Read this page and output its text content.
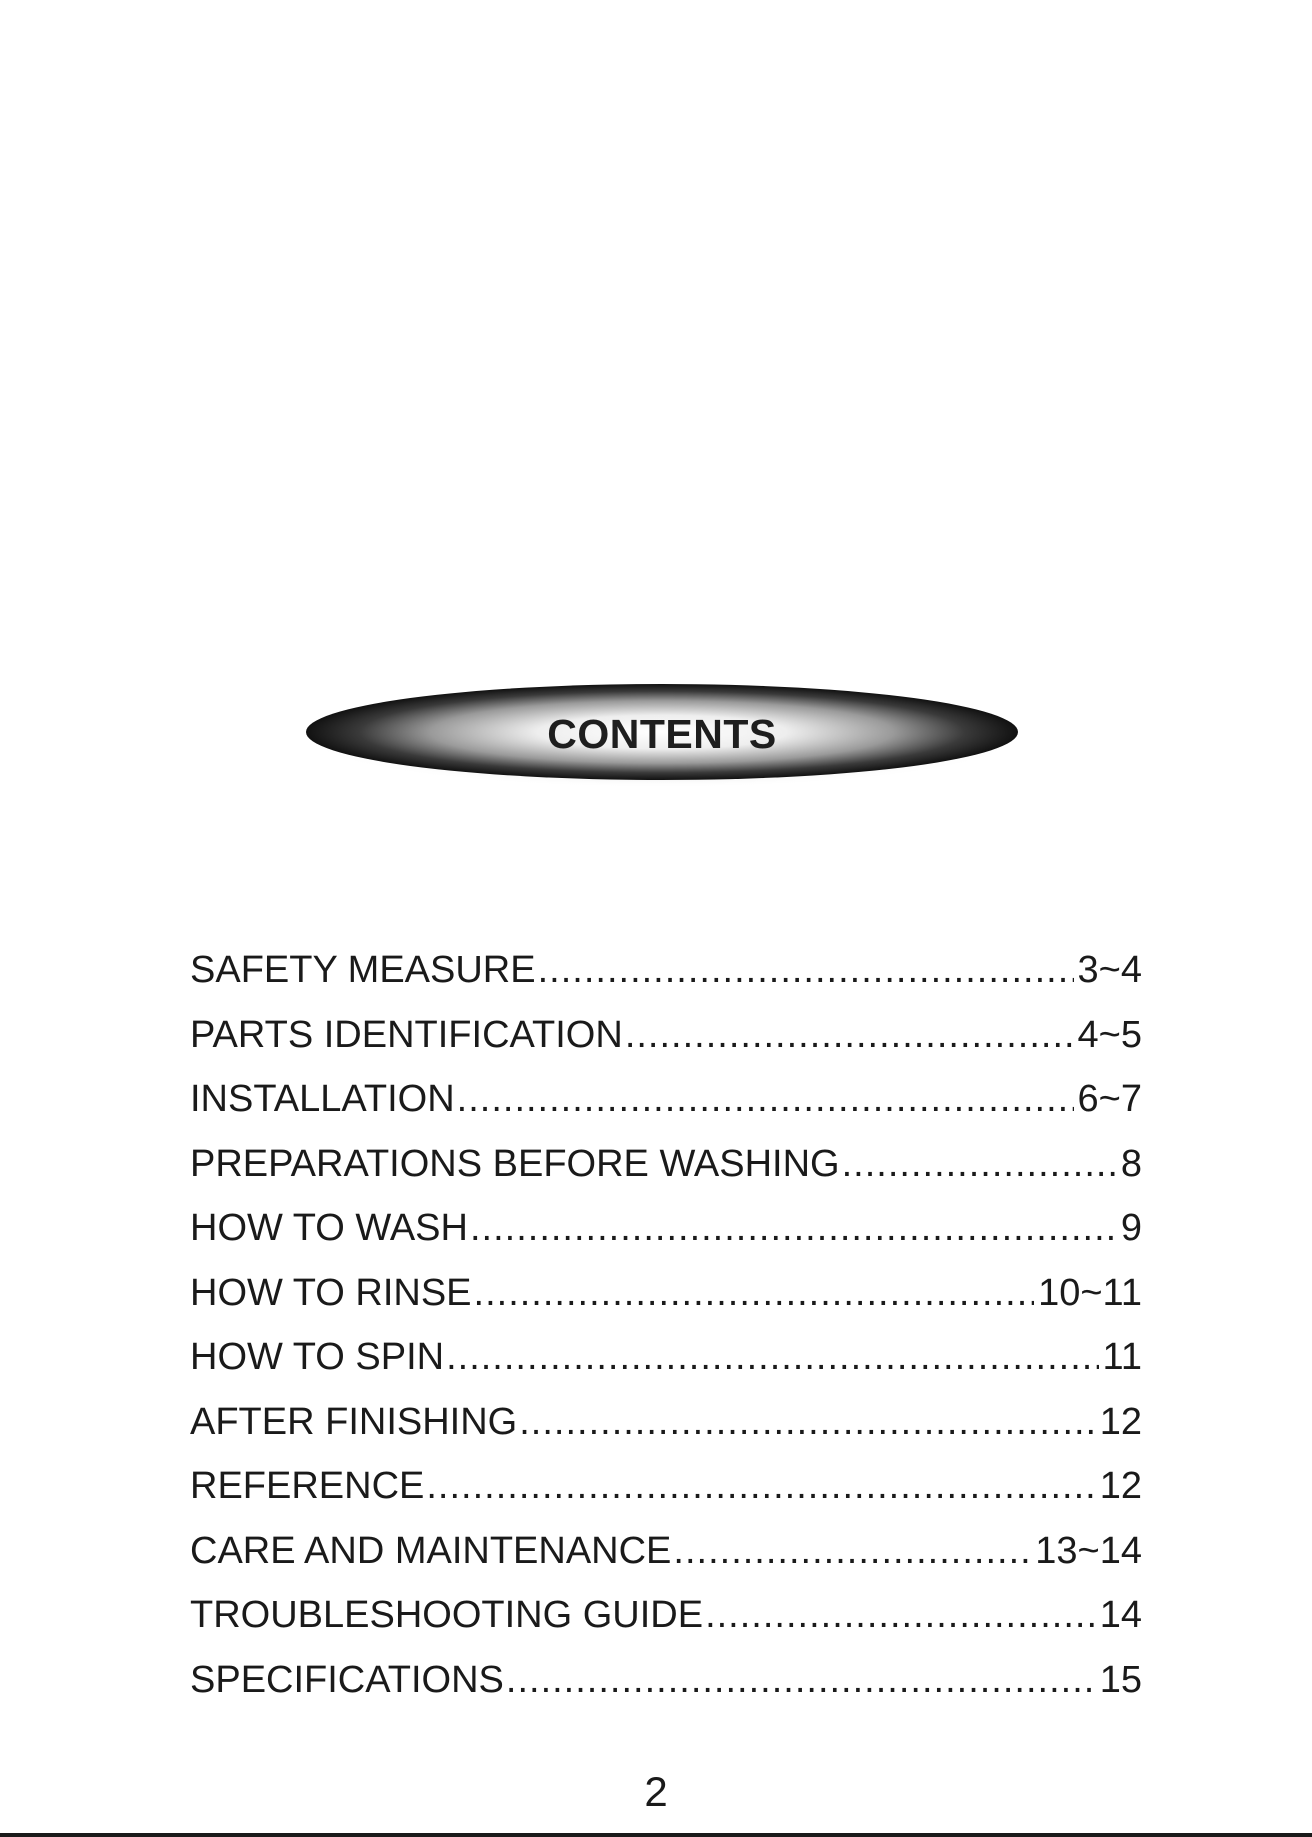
CONTENTS
SAFETY MEASURE .....	3~4
PARTS IDENTIFICATION .....	4~5
INSTALLATION .....	6~7
PREPARATIONS BEFORE WASHING .....	8
HOW TO WASH .....	9
HOW TO RINSE .....	10~11
HOW TO SPIN .....	11
AFTER FINISHING .....	12
REFERENCE .....	12
CARE AND MAINTENANCE .....	13~14
TROUBLESHOOTING GUIDE .....	14
SPECIFICATIONS .....	15
2
